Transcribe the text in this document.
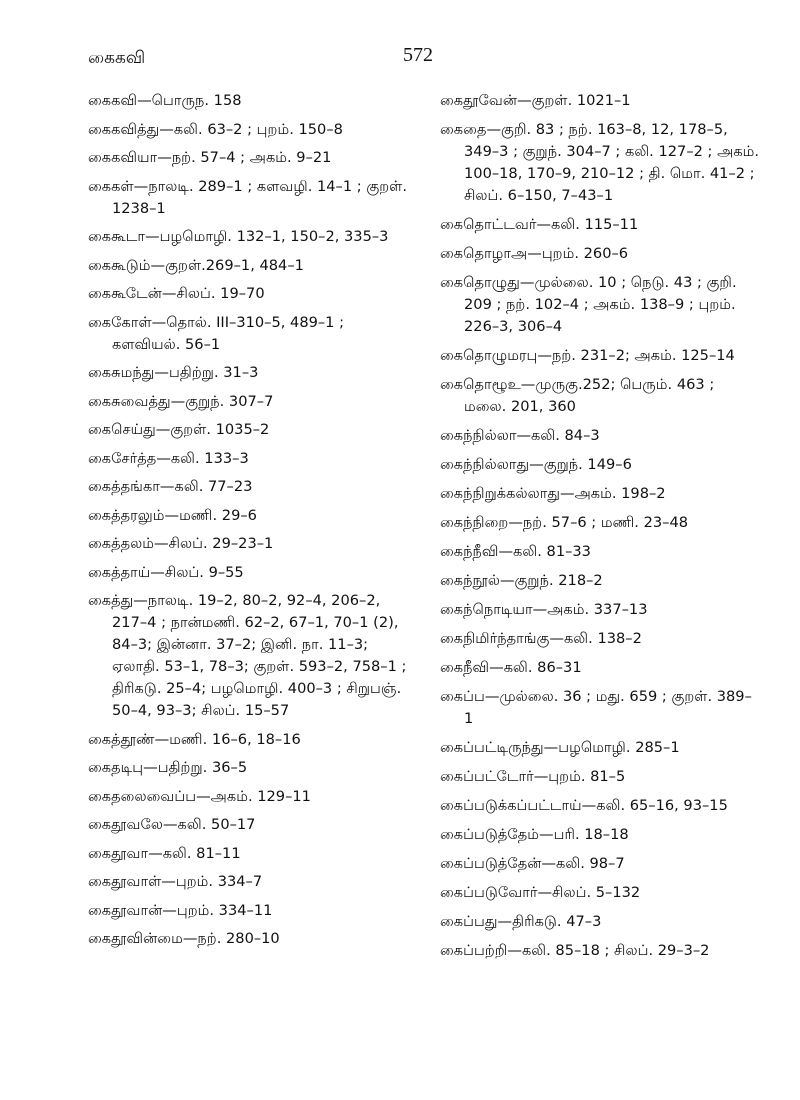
கைகவி	572
கைகவி—பொருந. 158
கைகவித்து—கலி. 63–2 ; புறம். 150–8
கைகவியா—நற். 57–4 ; அகம். 9–21
கைகள்—நாலடி. 289–1 ; களவழி. 14–1 ; குறள். 1238–1
கைகூடா—பழமொழி. 132–1, 150–2, 335–3
கைகூடும்—குறள்.269–1, 484–1
கைகூடேன்—சிலப். 19–70
கைகோள்—தொல். III–310–5, 489–1 ; களவியல். 56–1
கைசுமந்து—பதிற்று. 31–3
கைசுவைத்து—குறுந். 307–7
கைசெய்து—குறள். 1035–2
கைசேர்த்த—கலி. 133–3
கைத்தங்கா—கலி. 77–23
கைத்தரலும்—மணி. 29–6
கைத்தலம்—சிலப். 29–23–1
கைத்தாய்—சிலப். 9–55
கைத்து—நாலடி. 19–2, 80–2, 92–4, 206–2, 217–4 ; நான்மணி. 62–2, 67–1, 70–1 (2), 84–3; இன்னா. 37–2; இனி. நா. 11–3; ஏலாதி. 53–1, 78–3; குறள். 593–2, 758–1 ; திரிகடு. 25–4; பழமொழி. 400–3 ; சிறுபஞ். 50–4, 93–3; சிலப். 15–57
கைத்தூண்—மணி. 16–6, 18–16
கைதடிபு—பதிற்று. 36–5
கைதலைவைப்ப—அகம். 129–11
கைதூவலே—கலி. 50–17
கைதூவா—கலி. 81–11
கைதூவாள்—புறம். 334–7
கைதூவான்—புறம். 334–11
கைதூவின்மை—நற். 280–10
கைதூவேன்—குறள். 1021–1
கைதை—குறி. 83 ; நற். 163–8, 12, 178–5, 349–3 ; குறுந். 304–7 ; கலி. 127–2 ; அகம். 100–18, 170–9, 210–12 ; தி. மொ. 41–2 ; சிலப். 6–150, 7–43–1
கைதொட்டவர்—கலி. 115–11
கைதொழாஅ—புறம். 260–6
கைதொழுது—முல்லை. 10 ; நெடு. 43 ; குறி. 209 ; நற். 102–4 ; அகம். 138–9 ; புறம். 226–3, 306–4
கைதொழுமரபு—நற். 231–2; அகம். 125–14
கைதொழூஉ—முருகு.252; பெரும். 463 ; மலை. 201, 360
கைந்நில்லா—கலி. 84–3
கைந்நில்லாது—குறுந். 149–6
கைந்நிறுக்கல்லாது—அகம். 198–2
கைந்நிறை—நற். 57–6 ; மணி. 23–48
கைந்நீவி—கலி. 81–33
கைந்நூல்—குறுந். 218–2
கைந்நொடியா—அகம். 337–13
கைநிமிர்ந்தாங்கு—கலி. 138–2
கைநீவி—கலி. 86–31
கைப்ப—முல்லை. 36 ; மது. 659 ; குறள். 389–1
கைப்பட்டிருந்து—பழமொழி. 285–1
கைப்பட்டோர்—புறம். 81–5
கைப்படுக்கப்பட்டாய்—கலி. 65–16, 93–15
கைப்படுத்தேம்—பரி. 18–18
கைப்படுத்தேன்—கலி. 98–7
கைப்படுவோர்—சிலப். 5–132
கைப்பது—திரிகடு. 47–3
கைப்பற்றி—கலி. 85–18 ; சிலப். 29–3–2
